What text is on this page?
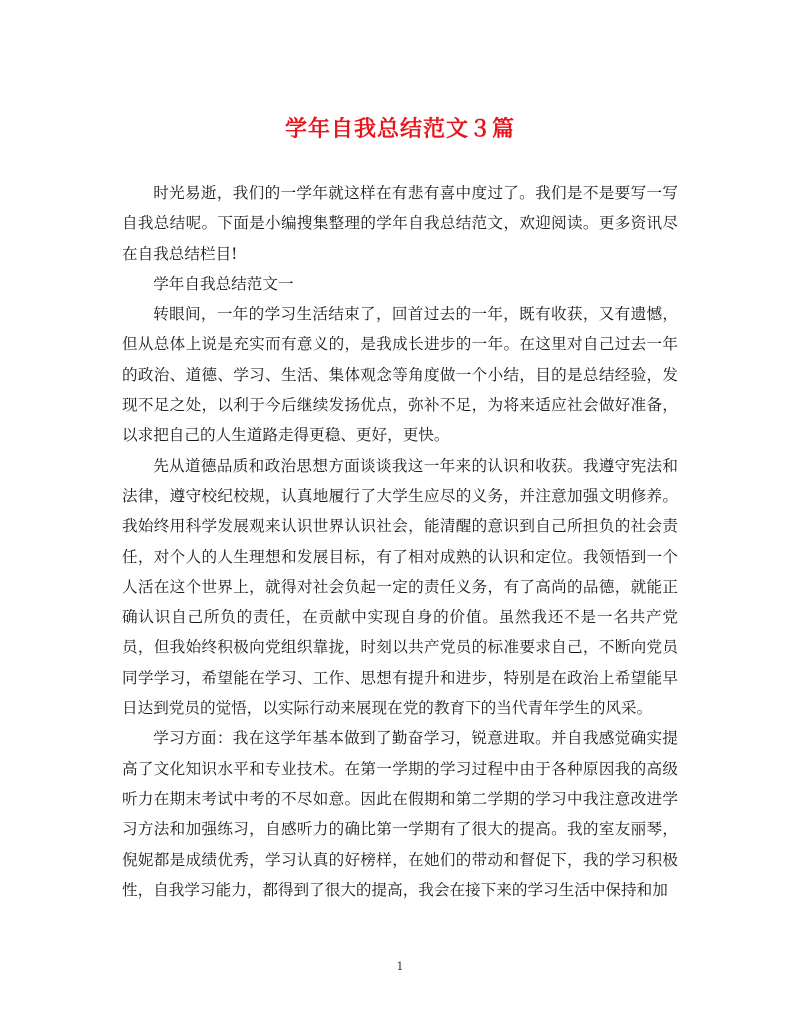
学年自我总结范文３篇

时光易逝，我们的一学年就这样在有悲有喜中度过了。我们是不是要写一写自我总结呢。下面是小编搜集整理的学年自我总结范文，欢迎阅读。更多资讯尽在自我总结栏目!

学年自我总结范文一

转眼间，一年的学习生活结束了，回首过去的一年，既有收获，又有遗憾，但从总体上说是充实而有意义的，是我成长进步的一年。在这里对自己过去一年的政治、道德、学习、生活、集体观念等角度做一个小结，目的是总结经验，发现不足之处，以利于今后继续发扬优点，弥补不足，为将来适应社会做好准备，以求把自己的人生道路走得更稳、更好，更快。

先从道德品质和政治思想方面谈谈我这一年来的认识和收获。我遵守宪法和法律，遵守校纪校规，认真地履行了大学生应尽的义务，并注意加强文明修养。我始终用科学发展观来认识世界认识社会，能清醒的意识到自己所担负的社会责任，对个人的人生理想和发展目标，有了相对成熟的认识和定位。我领悟到一个人活在这个世界上，就得对社会负起一定的责任义务，有了高尚的品德，就能正确认识自己所负的责任，在贡献中实现自身的价值。虽然我还不是一名共产党员，但我始终积极向党组织靠拢，时刻以共产党员的标准要求自己，不断向党员同学学习，希望能在学习、工作、思想有提升和进步，特别是在政治上希望能早日达到党员的觉悟，以实际行动来展现在党的教育下的当代青年学生的风采。

学习方面：我在这学年基本做到了勤奋学习，锐意进取。并自我感觉确实提高了文化知识水平和专业技术。在第一学期的学习过程中由于各种原因我的高级听力在期末考试中考的不尽如意。因此在假期和第二学期的学习中我注意改进学习方法和加强练习，自感听力的确比第一学期有了很大的提高。我的室友丽琴，倪妮都是成绩优秀，学习认真的好榜样，在她们的带动和督促下，我的学习积极性，自我学习能力，都得到了很大的提高，我会在接下来的学习生活中保持和加

1
